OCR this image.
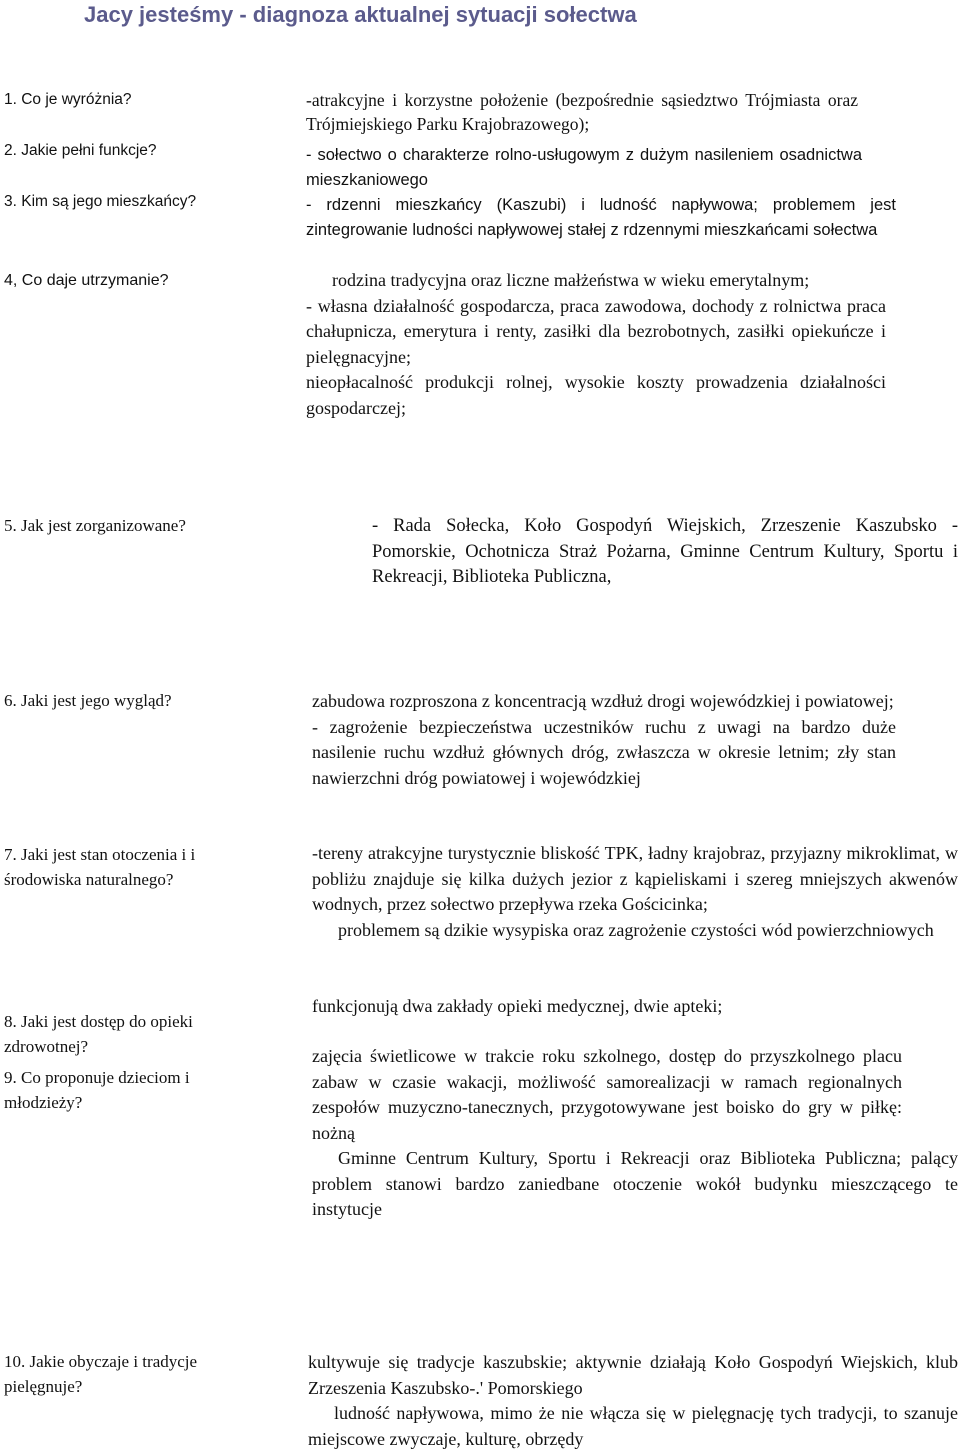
Jacy jesteśmy - diagnoza aktualnej sytuacji sołectwa
1. Co je wyróżnia?
2. Jakie pełni funkcje?
3. Kim są jego mieszkańcy?
4, Co daje utrzymanie?
5. Jak jest zorganizowane?
6. Jaki jest jego wygląd?
7. Jaki jest stan otoczenia i i środowiska naturalnego?
8. Jaki jest dostęp do opieki zdrowotnej?
9. Co proponuje dzieciom i młodzieży?
10. Jakie obyczaje i tradycje pielęgnuje?
-atrakcyjne i korzystne położenie (bezpośrednie sąsiedztwo Trójmiasta oraz Trójmiejskiego Parku Krajobrazowego);
- sołectwo o charakterze rolno-usługowym z dużym nasileniem osadnictwa mieszkaniowego
- rdzenni mieszkańcy (Kaszubi) i ludność napływowa; problemem jest zintegrowanie ludności napływowej stałej z rdzennymi mieszkańcami sołectwa

rodzina tradycyjna oraz liczne małżeństwa w wieku emerytalnym;

- własna działalność gospodarcza, praca zawodowa, dochody z rolnictwa praca chałupnicza, emerytura i renty, zasiłki dla bezrobotnych, zasiłki opiekuńcze i pielęgnacyjne;

nieopłacalność produkcji rolnej, wysokie koszty prowadzenia działalności gospodarczej;

- Rada Sołecka, Koło Gospodyń Wiejskich, Zrzeszenie Kaszubsko - Pomorskie, Ochotnicza Straż Pożarna, Gminne Centrum Kultury, Sportu i Rekreacji, Biblioteka Publiczna,

zabudowa rozproszona z koncentracją wzdłuż drogi wojewódzkiej i powiatowej;

- zagrożenie bezpieczeństwa uczestników ruchu z uwagi na bardzo duże nasilenie ruchu wzdłuż głównych dróg, zwłaszcza w okresie letnim; zły stan nawierzchni dróg powiatowej i wojewódzkiej

-tereny atrakcyjne turystycznie bliskość TPK, ładny krajobraz, przyjazny mikroklimat, w pobliżu znajduje się kilka dużych jezior z kąpieliskami i szereg mniejszych akwenów wodnych, przez sołectwo przepływa rzeka Gościcinka;

problemem są dzikie wysypiska oraz zagrożenie czystości wód powierzchniowych

funkcjonują dwa zakłady opieki medycznej, dwie apteki;

zajęcia świetlicowe w trakcie roku szkolnego, dostęp do przyszkolnego placu zabaw w czasie wakacji, możliwość samorealizacji w ramach regionalnych zespołów muzyczno-tanecznych, przygotowywane jest boisko do gry w piłkę: nożną

Gminne Centrum Kultury, Sportu i Rekreacji oraz Biblioteka Publiczna; palący problem stanowi bardzo zaniedbane otoczenie wokół budynku mieszczącego te instytucje

kultywuje się tradycje kaszubskie; aktywnie działają Koło Gospodyń Wiejskich, klub Zrzeszenia Kaszubsko-.' Pomorskiego

ludność napływowa, mimo że nie włącza się w pielęgnację tych tradycji, to szanuje miejscowe zwyczaje, kulturę, obrzędy
